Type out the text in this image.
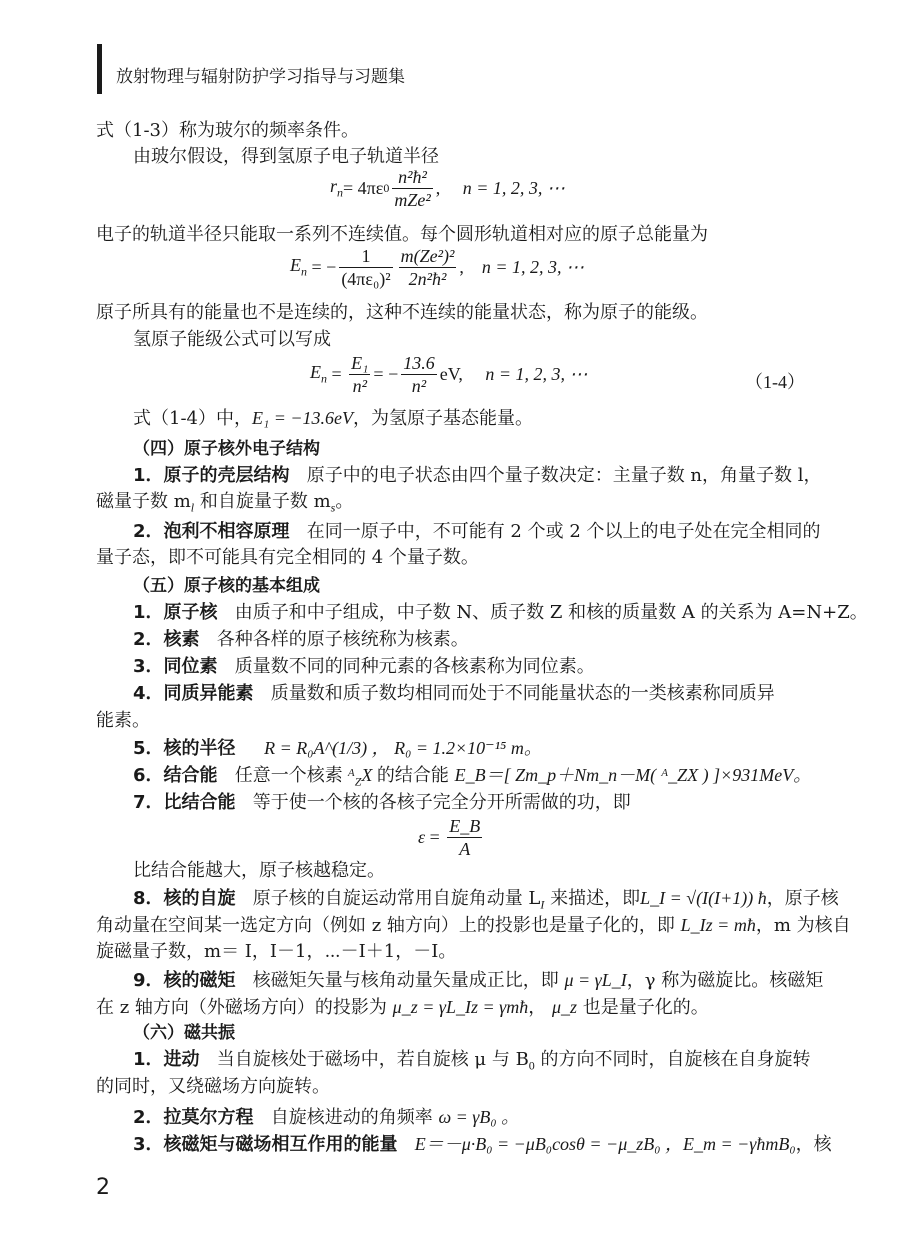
放射物理与辐射防护学习指导与习题集
式（1-3）称为玻尔的频率条件。
由玻尔假设，得到氢原子电子轨道半径
$r_n = 4\pi\varepsilon$ $0 \frac{\text{n²ħ²}}{\text{mZe²}}$ , n = 1, 2, 3, ⋯
电子的轨道半径只能取一系列不连续值。每个圆形轨道相对应的原子总能量为
$E_n$ = − $\frac{1}{\text{(4πε₀)²}} \frac{\text{m(Ze²)²}}{\text{2n²ħ²}}$ , n = 1, 2, 3, ⋯
原子所具有的能量也不是连续的，这种不连续的能量状态，称为原子的能级。
氢原子能级公式可以写成
$E_n = \frac{\text{E₁}}{\text{n²}}$ = − $\frac{13.6}{\text{n²}}$ eV,
n = 1, 2, 3, ⋯	（1-4）
式（1-4）中，E₁ = −13.6eV，为氢原子基态能量。
（四）原子核外电子结构
1．原子的壳层结构 原子中的电子状态由四个量子数决定：主量子数 n，角量子数 l，
磁量子数 $m_l$ 和自旋量子数 $m_s$。
2．泡利不相容原理 在同一原子中，不可能有 2 个或 2 个以上的电子处在完全相同的
量子态，即不可能具有完全相同的 4 个量子数。
（五）原子核的基本组成
1．原子核 由质子和中子组成，中子数 N、质子数 Z 和核的质量数 A 的关系为 A=N+Z。
2．核素 各种各样的原子核统称为核素。
3．同位素 质量数不同的同种元素的各核素称为同位素。
4．同质异能素 质量数和质子数均相同而处于不同能量状态的一类核素称同质异
能素。
5．核的半径 R = R₀A^(1/3) ， R₀ = 1.2×10⁻¹⁵ m。
6．结合能 任意一个核素 ᴬ$_Z$X 的结合能 E_B＝[ Zm_p＋Nm_n－M( ᴬ_ZX ) ]×931MeV。
7．比结合能 等于使一个核的各核子完全分开所需做的功，即
$\varepsilon = \frac{E\_B}{A}$
比结合能越大，原子核越稳定。
8．核的自旋 原子核的自旋运动常用自旋角动量 $L_I$ 来描述，即L_I = √(I(I+1)) ħ，原子核
角动量在空间某一选定方向（例如 z 轴方向）上的投影也是量子化的，即 L_Iz = mħ，m 为核自
旋磁量子数，m＝ I，I－1，⋯－I＋1，－I。
9．核的磁矩 核磁矩矢量与核角动量矢量成正比，即 μ = γL_I，γ 称为磁旋比。核磁矩
在 z 轴方向（外磁场方向）的投影为 μ_z = γL_Iz = γmħ， μ_z 也是量子化的。
（六）磁共振
1．进动 当自旋核处于磁场中，若自旋核 μ 与 $B_0$ 的方向不同时，自旋核在自身旋转
的同时，又绕磁场方向旋转。
2．拉莫尔方程 自旋核进动的角频率 ω = γB₀ 。
3．核磁矩与磁场相互作用的能量 E＝－μ·B₀ = −μB₀cosθ = −μ_zB₀ ，E_m = −γħmB₀，核
2
